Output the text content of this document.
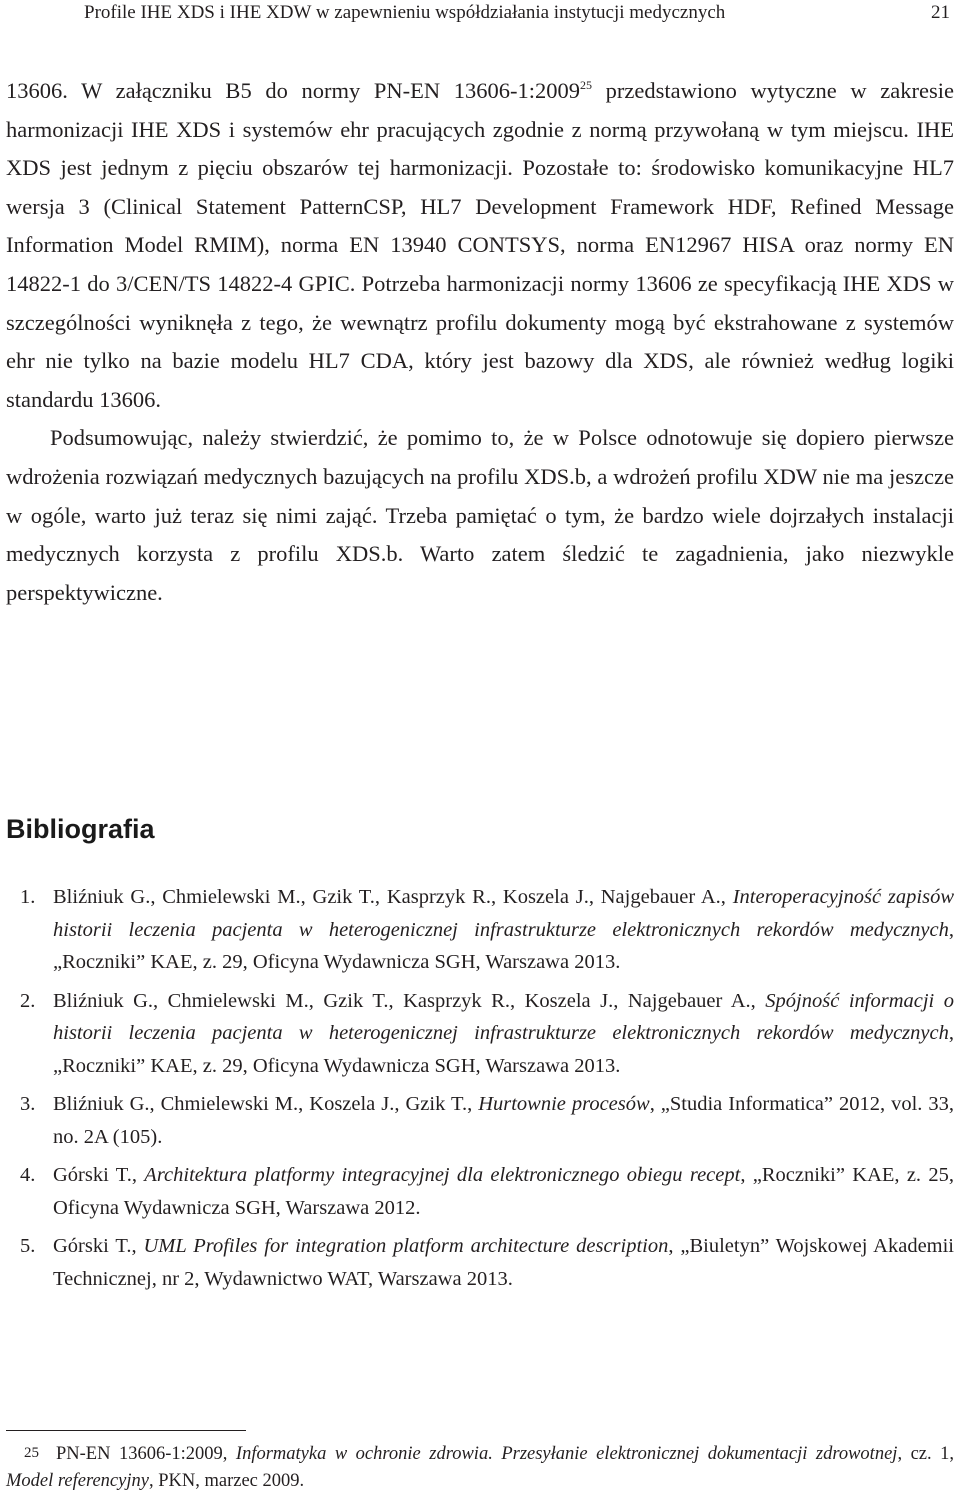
Profile IHE XDS i IHE XDW w zapewnieniu współdziałania instytucji medycznych	21

13606. W załączniku B5 do normy PN-EN 13606-1:2009$^{25}$ przedstawiono wytyczne w zakresie harmonizacji IHE XDS i systemów ehr pracujących zgodnie z normą przywołaną w tym miejscu. IHE XDS jest jednym z pięciu obszarów tej harmonizacji. Pozostałe to: środowisko komunikacyjne HL7 wersja 3 (Clinical Statement PatternCSP, HL7 Development Framework HDF, Refined Message Information Model RMIM), norma EN 13940 CONTSYS, norma EN12967 HISA oraz normy EN 14822-1 do 3/CEN/TS 14822-4 GPIC. Potrzeba harmonizacji normy 13606 ze specyfikacją IHE XDS w szczególności wyniknęła z tego, że wewnątrz profilu dokumenty mogą być ekstrahowane z systemów ehr nie tylko na bazie modelu HL7 CDA, który jest bazowy dla XDS, ale również według logiki standardu 13606.

Podsumowując, należy stwierdzić, że pomimo to, że w Polsce odnotowuje się dopiero pierwsze wdrożenia rozwiązań medycznych bazujących na profilu XDS.b, a wdrożeń profilu XDW nie ma jeszcze w ogóle, warto już teraz się nimi zająć. Trzeba pamiętać o tym, że bardzo wiele dojrzałych instalacji medycznych korzysta z profilu XDS.b. Warto zatem śledzić te zagadnienia, jako niezwykle perspektywiczne.

Bibliografia
1. Bliźniuk G., Chmielewski M., Gzik T., Kasprzyk R., Koszela J., Najgebauer A., Interoperacyjność zapisów historii leczenia pacjenta w heterogenicznej infrastrukturze elektronicznych rekordów medycznych, „Roczniki” KAE, z. 29, Oficyna Wydawnicza SGH, Warszawa 2013.
2. Bliźniuk G., Chmielewski M., Gzik T., Kasprzyk R., Koszela J., Najgebauer A., Spójność informacji o historii leczenia pacjenta w heterogenicznej infrastrukturze elektronicznych rekordów medycznych, „Roczniki” KAE, z. 29, Oficyna Wydawnicza SGH, Warszawa 2013.
3. Bliźniuk G., Chmielewski M., Koszela J., Gzik T., Hurtownie procesów, „Studia Informatica” 2012, vol. 33, no. 2A (105).
4. Górski T., Architektura platformy integracyjnej dla elektronicznego obiegu recept, „Roczniki” KAE, z. 25, Oficyna Wydawnicza SGH, Warszawa 2012.
5. Górski T., UML Profiles for integration platform architecture description, „Biuletyn” Wojskowej Akademii Technicznej, nr 2, Wydawnictwo WAT, Warszawa 2013.
25 PN-EN 13606-1:2009, Informatyka w ochronie zdrowia. Przesyłanie elektronicznej dokumentacji zdrowotnej, cz. 1, Model referencyjny, PKN, marzec 2009.
